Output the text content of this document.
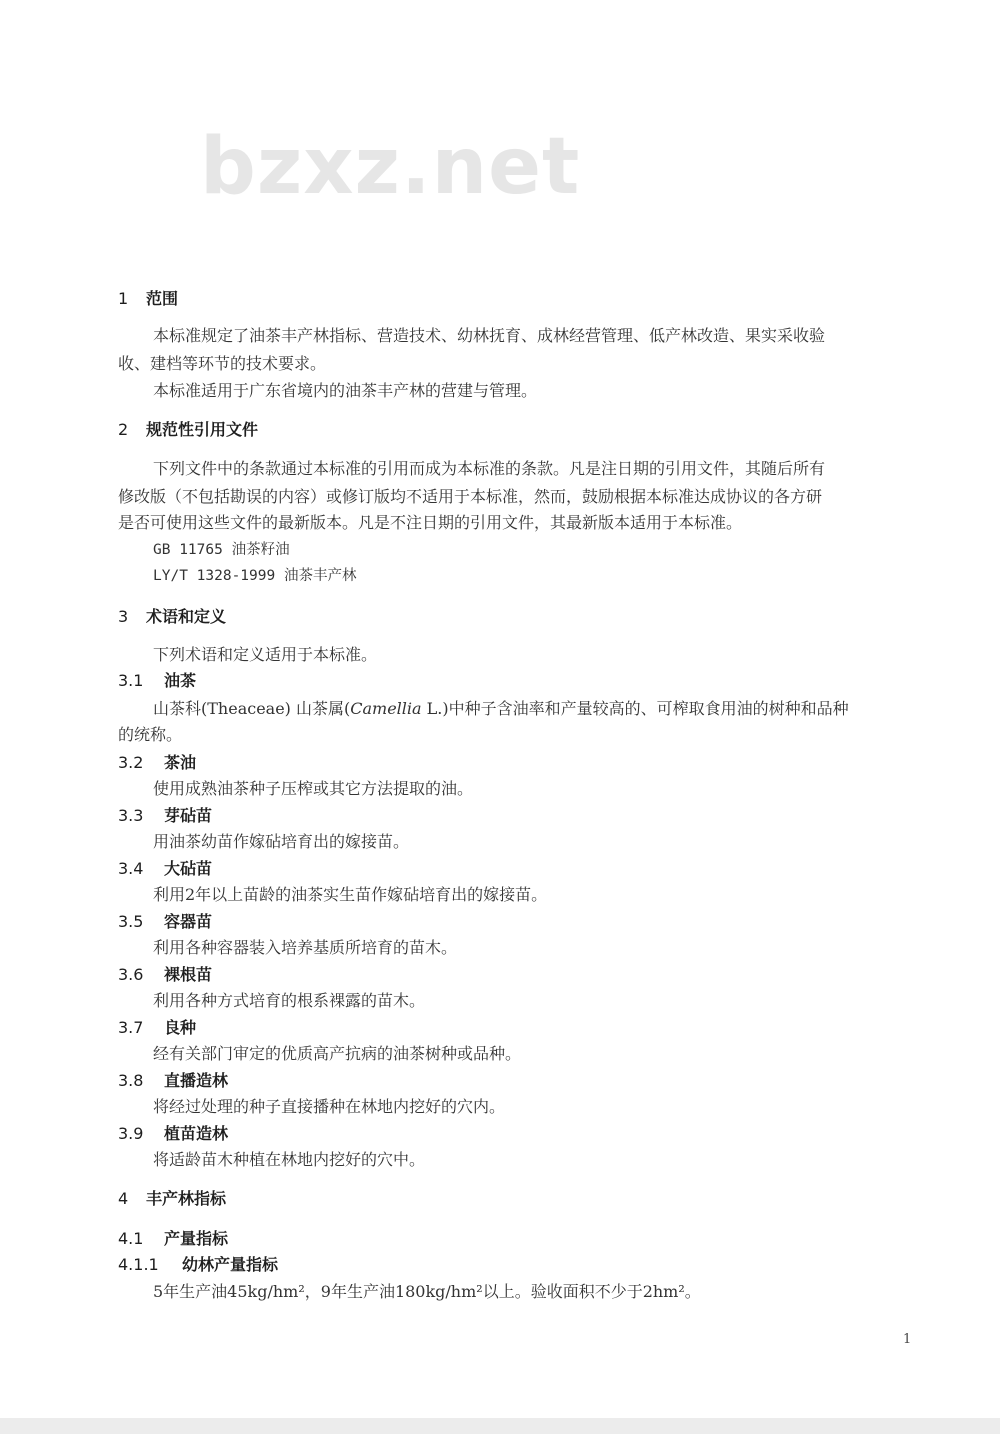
bzxz.net
1 范围
本标准规定了油茶丰产林指标、营造技术、幼林抚育、成林经营管理、低产林改造、果实采收验
收、建档等环节的技术要求。
本标准适用于广东省境内的油茶丰产林的营建与管理。
2 规范性引用文件
下列文件中的条款通过本标准的引用而成为本标准的条款。凡是注日期的引用文件，其随后所有
修改版（不包括勘误的内容）或修订版均不适用于本标准，然而，鼓励根据本标准达成协议的各方研
是否可使用这些文件的最新版本。凡是不注日期的引用文件，其最新版本适用于本标准。
GB 11765 油茶籽油
LY/T 1328-1999 油茶丰产林
3 术语和定义
下列术语和定义适用于本标准。
3.1 油茶
山茶科(Theaceae) 山茶属(Camellia L.)中种子含油率和产量较高的、可榨取食用油的树种和品种
的统称。
3.2 茶油
使用成熟油茶种子压榨或其它方法提取的油。
3.3 芽砧苗
用油茶幼苗作嫁砧培育出的嫁接苗。
3.4 大砧苗
利用2年以上苗龄的油茶实生苗作嫁砧培育出的嫁接苗。
3.5 容器苗
利用各种容器装入培养基质所培育的苗木。
3.6 裸根苗
利用各种方式培育的根系裸露的苗木。
3.7 良种
经有关部门审定的优质高产抗病的油茶树种或品种。
3.8 直播造林
将经过处理的种子直接播种在林地内挖好的穴内。
3.9 植苗造林
将适龄苗木种植在林地内挖好的穴中。
4 丰产林指标
4.1 产量指标
4.1.1 幼林产量指标
5年生产油45kg/hm²，9年生产油180kg/hm²以上。验收面积不少于2hm²。
1
